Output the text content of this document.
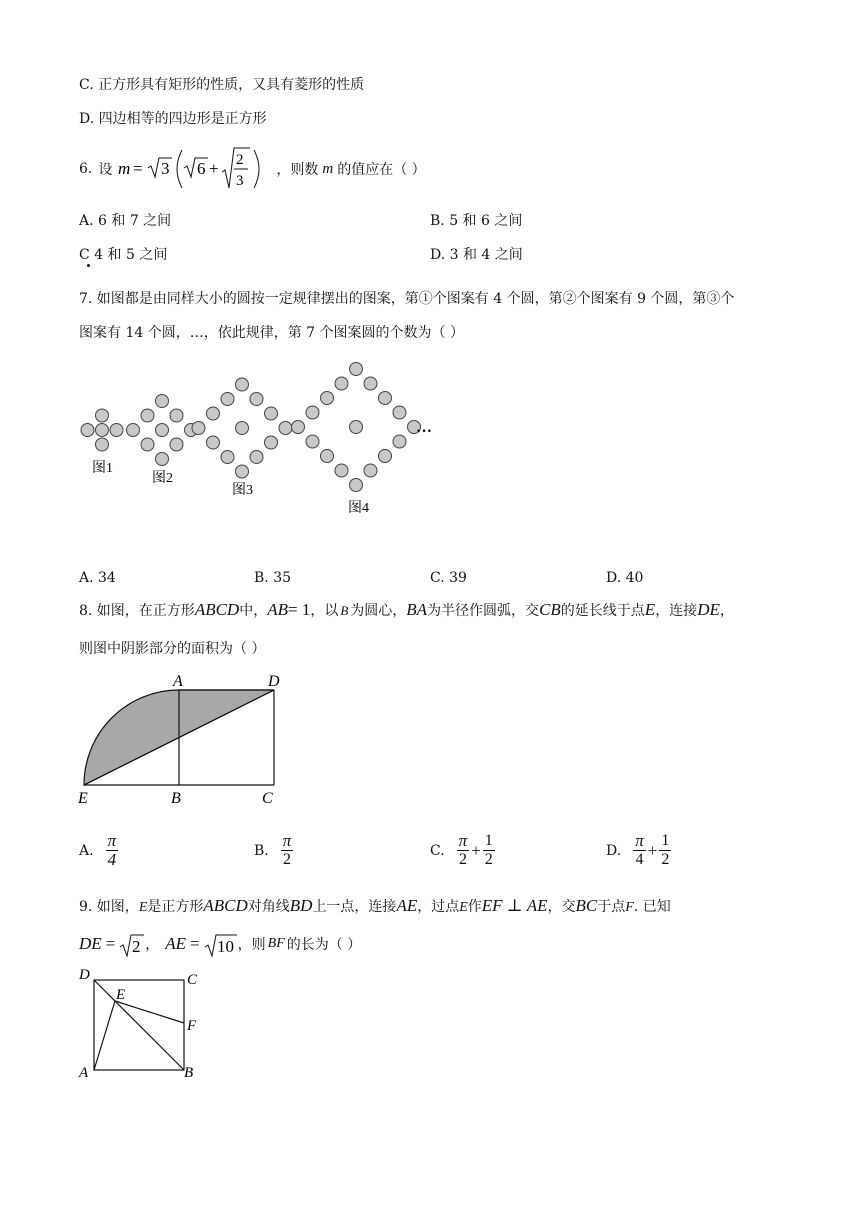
C. 正方形具有矩形的性质，又具有菱形的性质
D. 四边相等的四边形是正方形
6. 设 m = 3 6 + 2
3
，则数 m 的值应在（ ）
A. 6 和 7 之间	B. 5 和 6 之间
C 4 和 5 之间	D. 3 和 4 之间
7. 如图都是由同样大小的圆按一定规律摆出的图案，第①个图案有 4 个圆，第②个图案有 9 个圆，第③个
图案有 14 个圆，…，依此规律，第 7 个图案圆的个数为（ ）
图1
图2
图3
图4
…
A. 34	B. 35	C. 39	D. 40
8. 如图，在正方形ABCD中，AB= 1，以 B 为圆心，BA为半径作圆弧，交CB的延长线于点E，连接DE，
则图中阴影部分的面积为（ ）
A	D
E	B	C
A. $\frac{\pi}{4}$	B. $\frac{\pi}{2}$	C. $\frac{\pi}{2} + \frac{1}{2}$	D. $\frac{\pi}{4} + \frac{1}{2}$
9. 如图，E是正方形ABCD对角线BD上一点，连接AE，过点E作EF ⊥ AE，交BC于点F. 已知
DE = 2 ， AE = 10 ，则 BF 的长为（ ）
D	C
E
F
A	B
